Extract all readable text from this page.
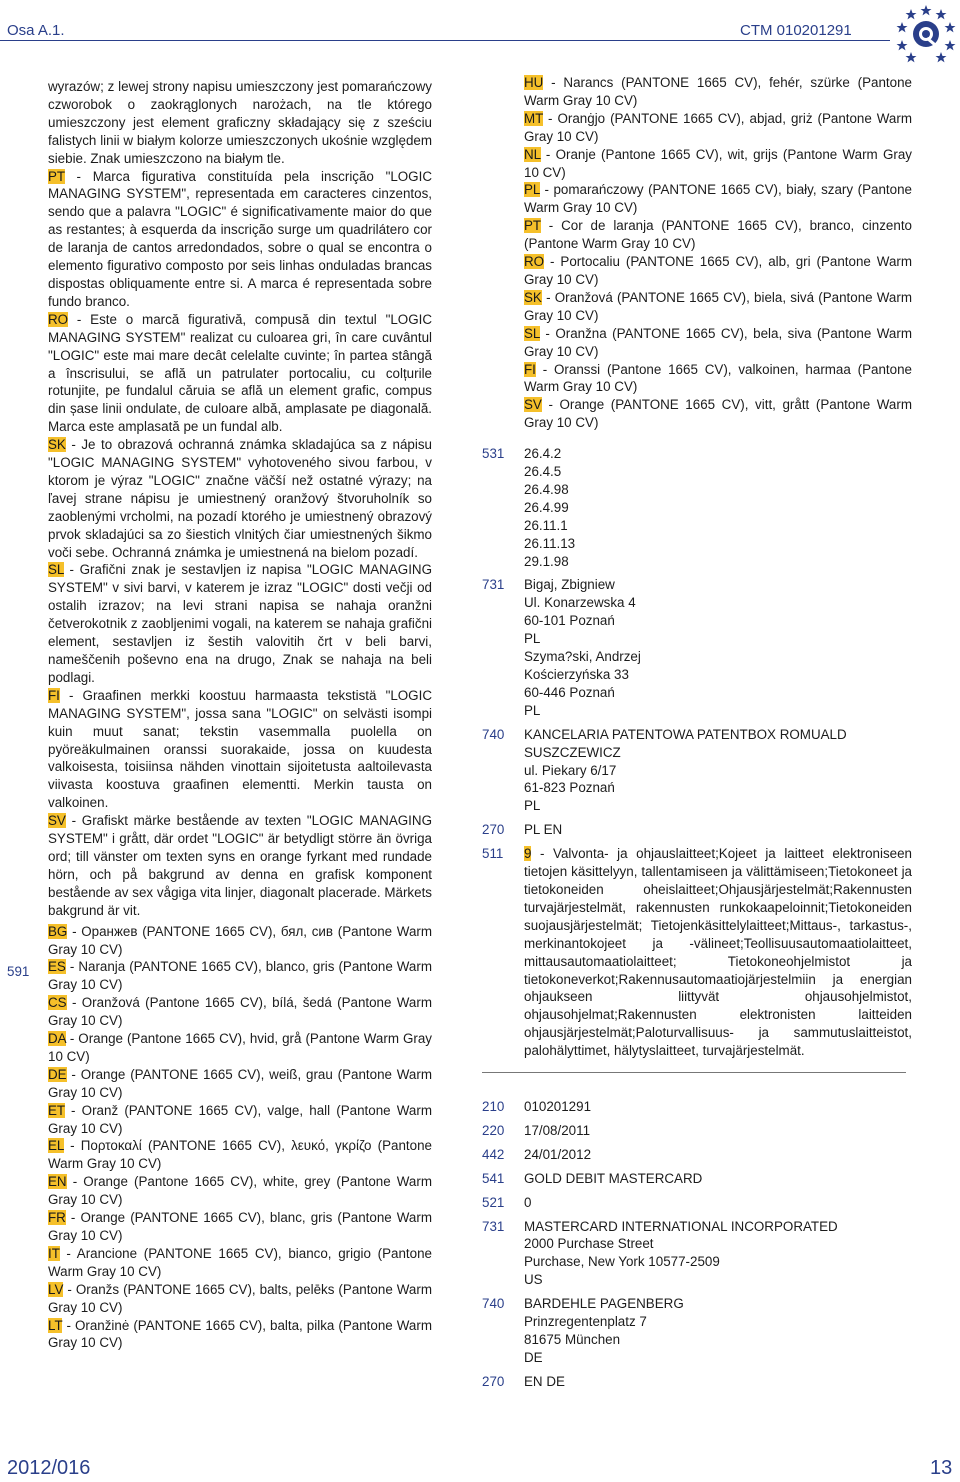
Osa A.1.	CTM 010201291

wyrazów; z lewej strony napisu umieszczony jest pomarańczowy czworobok o zaokrąglonych narożach, na tle którego umieszczony jest element graficzny składający się z sześciu falistych linii w białym kolorze umieszczonych ukośnie względem siebie. Znak umieszczono na białym tle.

PT - Marca figurativa constituída pela inscrição "LOGIC MANAGING SYSTEM", representada em caracteres cinzentos, sendo que a palavra "LOGIC" é significativamente maior do que as restantes; à esquerda da inscrição surge um quadrilátero cor de laranja de cantos arredondados, sobre o qual se encontra o elemento figurativo composto por seis linhas onduladas brancas dispostas obliquamente entre si. A marca é representada sobre fundo branco.

RO - Este o marcă figurativă, compusă din textul "LOGIC MANAGING SYSTEM" realizat cu culoarea gri, în care cuvântul "LOGIC" este mai mare decât celelalte cuvinte; în partea stângă a înscrisului, se află un patrulater portocaliu, cu colțurile rotunjite, pe fundalul căruia se află un element grafic, compus din șase linii ondulate, de culoare albă, amplasate pe diagonală. Marca este amplasată pe un fundal alb.

SK - Je to obrazová ochranná známka skladajúca sa z nápisu "LOGIC MANAGING SYSTEM" vyhotoveného sivou farbou, v ktorom je výraz "LOGIC" značne väčší než ostatné výrazy; na ľavej strane nápisu je umiestnený oranžový štvoruholník so zaoblenými vrcholmi, na pozadí ktorého je umiestnený obrazový prvok skladajúci sa zo šiestich vlnitých čiar umiestnených šikmo voči sebe. Ochranná známka je umiestnená na bielom pozadí.

SL - Grafični znak je sestavljen iz napisa "LOGIC MANAGING SYSTEM" v sivi barvi, v katerem je izraz "LOGIC" dosti večji od ostalih izrazov; na levi strani napisa se nahaja oranžni četverokotnik z zaobljenimi vogali, na katerem se nahaja grafični element, sestavljen iz šestih valovitih črt v beli barvi, nameščenih poševno ena na drugo, Znak se nahaja na beli podlagi.

FI - Graafinen merkki koostuu harmaasta tekstistä "LOGIC MANAGING SYSTEM", jossa sana "LOGIC" on selvästi isompi kuin muut sanat; tekstin vasemmalla puolella on pyöreäkulmainen oranssi suorakaide, jossa on kuudesta valkoisesta, toisiinsa nähden vinottain sijoitetusta aaltoilevasta viivasta koostuva graafinen elementti. Merkin tausta on valkoinen.

SV - Grafiskt märke bestående av texten "LOGIC MANAGING SYSTEM" i grått, där ordet "LOGIC" är betydligt större än övriga ord; till vänster om texten syns en orange fyrkant med rundade hörn, och på bakgrund av denna en grafisk komponent bestående av sex vågiga vita linjer, diagonalt placerade. Märkets bakgrund är vit.

BG - Оранжев (PANTONE 1665 CV), бял, сив (Pantone Warm Gray 10 CV)

ES - Naranja (PANTONE 1665 CV), blanco, gris (Pantone Warm Gray 10 CV)

CS - Oranžová (Pantone 1665 CV), bílá, šedá (Pantone Warm Gray 10 CV)

DA - Orange (Pantone 1665 CV), hvid, grå (Pantone Warm Gray 10 CV)

DE - Orange (PANTONE 1665 CV), weiß, grau (Pantone Warm Gray 10 CV)

ET - Oranž (PANTONE 1665 CV), valge, hall (Pantone Warm Gray 10 CV)

EL - Πορτοκαλί (PANTONE 1665 CV), λευκό, γκρίζο (Pantone Warm Gray 10 CV)

EN - Orange (Pantone 1665 CV), white, grey (Pantone Warm Gray 10 CV)

FR - Orange (PANTONE 1665 CV), blanc, gris (Pantone Warm Gray 10 CV)

IT - Arancione (PANTONE 1665 CV), bianco, grigio (Pantone Warm Gray 10 CV)

LV - Oranžs (PANTONE 1665 CV), balts, pelēks (Pantone Warm Gray 10 CV)

LT - Oranžinė (PANTONE 1665 CV), balta, pilka (Pantone Warm Gray 10 CV)

591

HU - Narancs (PANTONE 1665 CV), fehér, szürke (Pantone Warm Gray 10 CV)

MT - Oranġjo (PANTONE 1665 CV), abjad, griż (Pantone Warm Gray 10 CV)

NL - Oranje (Pantone 1665 CV), wit, grijs (Pantone Warm Gray 10 CV)

PL - pomarańczowy (PANTONE 1665 CV), biały, szary (Pantone Warm Gray 10 CV)

PT - Cor de laranja (PANTONE 1665 CV), branco, cinzento (Pantone Warm Gray 10 CV)

RO - Portocaliu (PANTONE 1665 CV), alb, gri (Pantone Warm Gray 10 CV)

SK - Oranžová (PANTONE 1665 CV), biela, sivá (Pantone Warm Gray 10 CV)

SL - Oranžna (PANTONE 1665 CV), bela, siva (Pantone Warm Gray 10 CV)

FI - Oranssi (Pantone 1665 CV), valkoinen, harmaa (Pantone Warm Gray 10 CV)

SV - Orange (PANTONE 1665 CV), vitt, grått (Pantone Warm Gray 10 CV)

531	26.4.2
26.4.5
26.4.98
26.4.99
26.11.1
26.11.13
29.1.98
731	Bigaj, Zbigniew
Ul. Konarzewska 4
60-101 Poznań
PL
Szyma?ski, Andrzej
Kościerzyńska 33
60-446 Poznań
PL
740	KANCELARIA PATENTOWA PATENTBOX ROMUALD SUSZCZEWICZ
ul. Piekary 6/17
61-823 Poznań
PL
270	PL EN
511	9 - Valvonta- ja ohjauslaitteet;Kojeet ja laitteet elektroniseen tietojen käsittelyyn, tallentamiseen ja välittämiseen;Tietokoneet ja tietokoneiden oheislaitteet;Ohjausjärjestelmät;Rakennusten turvajärjestelmät, rakennusten runkokaapeloinnit;Tietokoneiden suojausjärjestelmät; Tietojenkäsittelylaitteet;Mittaus-, tarkastus-, merkinantokojeet ja -välineet;Teollisuusautomaatiolaitteet, mittausautomaatiolaitteet; Tietokoneohjelmistot ja tietokoneverkot;Rakennusautomaatiojärjestelmiin ja energian ohjaukseen liittyvät ohjausohjelmistot, ohjausohjelmat;Rakennusten elektronisten laitteiden ohjausjärjestelmät;Paloturvallisuus- ja sammutuslaitteistot, palohälyttimet, hälytyslaitteet, turvajärjestelmät.

210	010201291
220	17/08/2011
442	24/01/2012
541	GOLD DEBIT MASTERCARD
521	0
731	MASTERCARD INTERNATIONAL INCORPORATED
2000 Purchase Street
Purchase, New York 10577-2509
US
740	BARDEHLE PAGENBERG
Prinzregentenplatz 7
81675 München
DE
270	EN DE
2012/016	13
